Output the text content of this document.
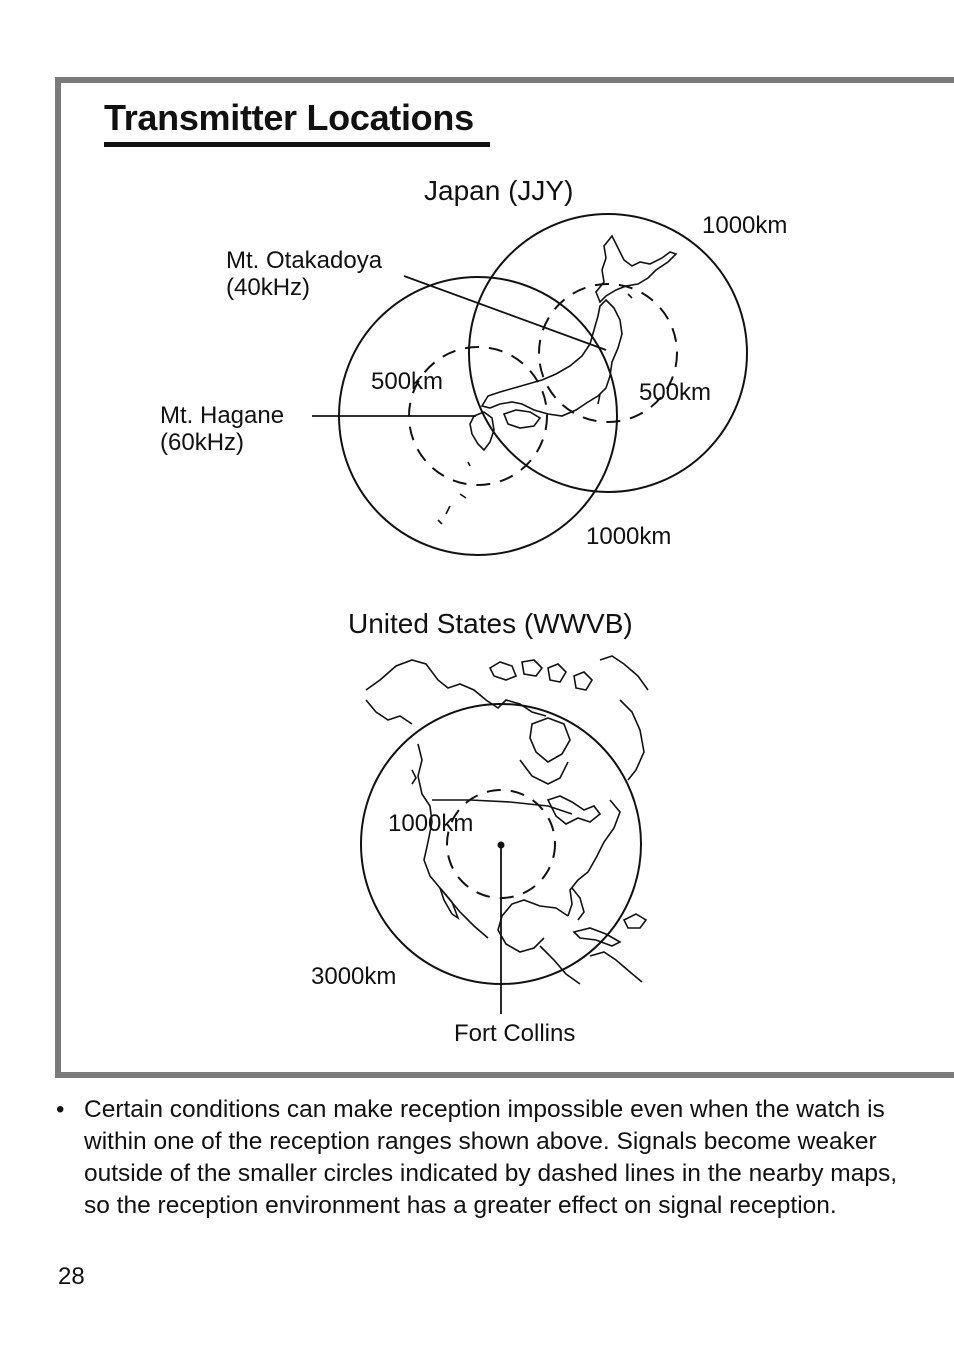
Transmitter Locations
Japan (JJY)
1000km
Mt. Otakadoya
(40kHz)
500km	500km
Mt. Hagane
(60kHz)
1000km
United States (WWVB)
1000km
3000km
Fort Collins
• Certain conditions can make reception impossible even when the watch is within one of the reception ranges shown above. Signals become weaker outside of the smaller circles indicated by dashed lines in the nearby maps, so the reception environment has a greater effect on signal reception.
28
